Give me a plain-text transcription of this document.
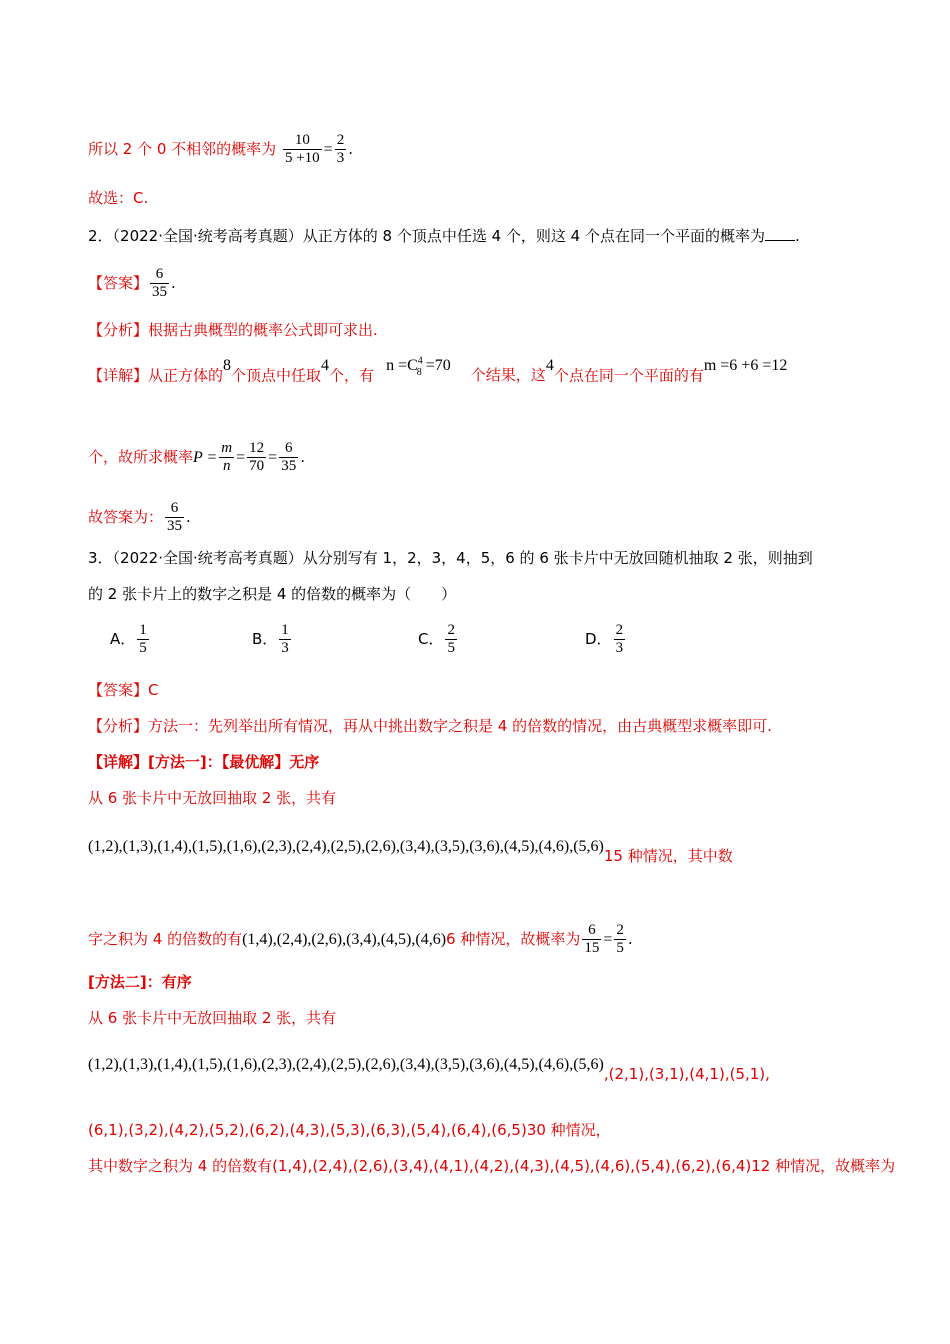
所以 2 个 0 不相邻的概率为 $\frac{10}{5 +10} = \frac{2}{3}$ .
故选：C.
2．（2022·全国·统考高考真题）从正方体的 8 个顶点中任选 4 个，则这 4 个点在同一个平面的概率为 .
【答案】 $\frac{6}{35}$ .
【分析】根据古典概型的概率公式即可求出.
【详解】从正方体的8个顶点中任取4个，有$n =C^4_8 =70$个结果，这4个点在同一个平面的有m =6 +6 =12
个，故所求概率$P = \frac{m}{n} = \frac{12}{70} = \frac{6}{35}$ .
故答案为： $\frac{6}{35}$ .
3．（2022·全国·统考高考真题）从分别写有 1，2，3，4，5，6 的 6 张卡片中无放回随机抽取 2 张，则抽到
的 2 张卡片上的数字之积是 4 的倍数的概率为（　　）
A． $\frac{1}{5}$	B． $\frac{1}{3}$	C． $\frac{2}{5}$	D． $\frac{2}{3}$
【答案】C
【分析】方法一：先列举出所有情况，再从中挑出数字之积是 4 的倍数的情况，由古典概型求概率即可.
【详解】[方法一]：【最优解】无序
从 6 张卡片中无放回抽取 2 张，共有
(1,2),(1,3),(1,4),(1,5),(1,6),(2,3),(2,4),(2,5),(2,6),(3,4),(3,5),(3,6),(4,5),(4,6),(5,6)15 种情况，其中数
字之积为 4 的倍数的有(1,4),(2,4),(2,6),(3,4),(4,5),(4,6)6 种情况，故概率为 $\frac{6}{15} = \frac{2}{5}$ .
[方法二]：有序
从 6 张卡片中无放回抽取 2 张，共有
(1,2),(1,3),(1,4),(1,5),(1,6),(2,3),(2,4),(2,5),(2,6),(3,4),(3,5),(3,6),(4,5),(4,6),(5,6),(2,1),(3,1),(4,1),(5,1),
(6,1),(3,2),(4,2),(5,2),(6,2),(4,3),(5,3),(6,3),(5,4),(6,4),(6,5)30 种情况，
其中数字之积为 4 的倍数有(1,4),(2,4),(2,6),(3,4),(4,1),(4,2),(4,3),(4,5),(4,6),(5,4),(6,2),(6,4)12 种情况，故概率为
